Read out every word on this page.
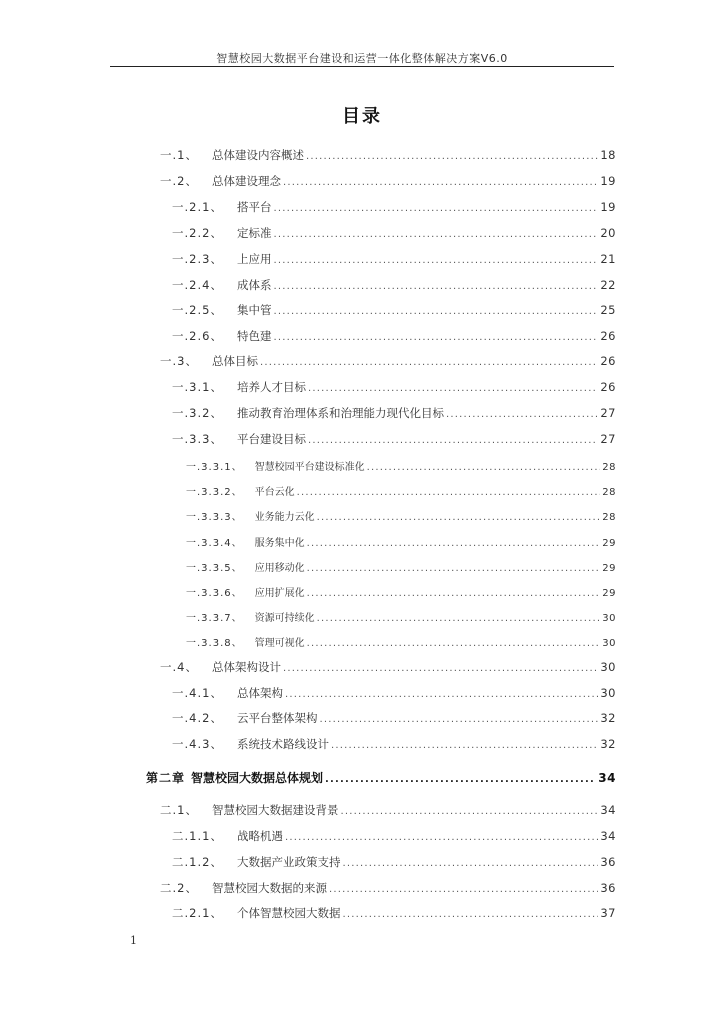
智慧校园大数据平台建设和运营一体化整体解决方案V6.0
目录
一.1、 总体建设内容概述 .....	18
一.2、 总体建设理念 .....	19
一.2.1、 搭平台 .....	19
一.2.2、 定标准 .....	20
一.2.3、 上应用 .....	21
一.2.4、 成体系 .....	22
一.2.5、 集中管 .....	25
一.2.6、 特色建 .....	26
一.3、 总体目标 .....	26
一.3.1、 培养人才目标 .....	26
一.3.2、 推动教育治理体系和治理能力现代化目标 .....	27
一.3.3、 平台建设目标 .....	27
一.3.3.1、 智慧校园平台建设标准化 .....	28
一.3.3.2、 平台云化 .....	28
一.3.3.3、 业务能力云化 .....	28
一.3.3.4、 服务集中化 .....	29
一.3.3.5、 应用移动化 .....	29
一.3.3.6、 应用扩展化 .....	29
一.3.3.7、 资源可持续化 .....	30
一.3.3.8、 管理可视化 .....	30
一.4、 总体架构设计 .....	30
一.4.1、 总体架构 .....	30
一.4.2、 云平台整体架构 .....	32
一.4.3、 系统技术路线设计 .....	32
第二章 智慧校园大数据总体规划 .....	34
二.1、 智慧校园大数据建设背景 .....	34
二.1.1、 战略机遇 .....	34
二.1.2、 大数据产业政策支持 .....	36
二.2、 智慧校园大数据的来源 .....	36
二.2.1、 个体智慧校园大数据 .....	37
1
